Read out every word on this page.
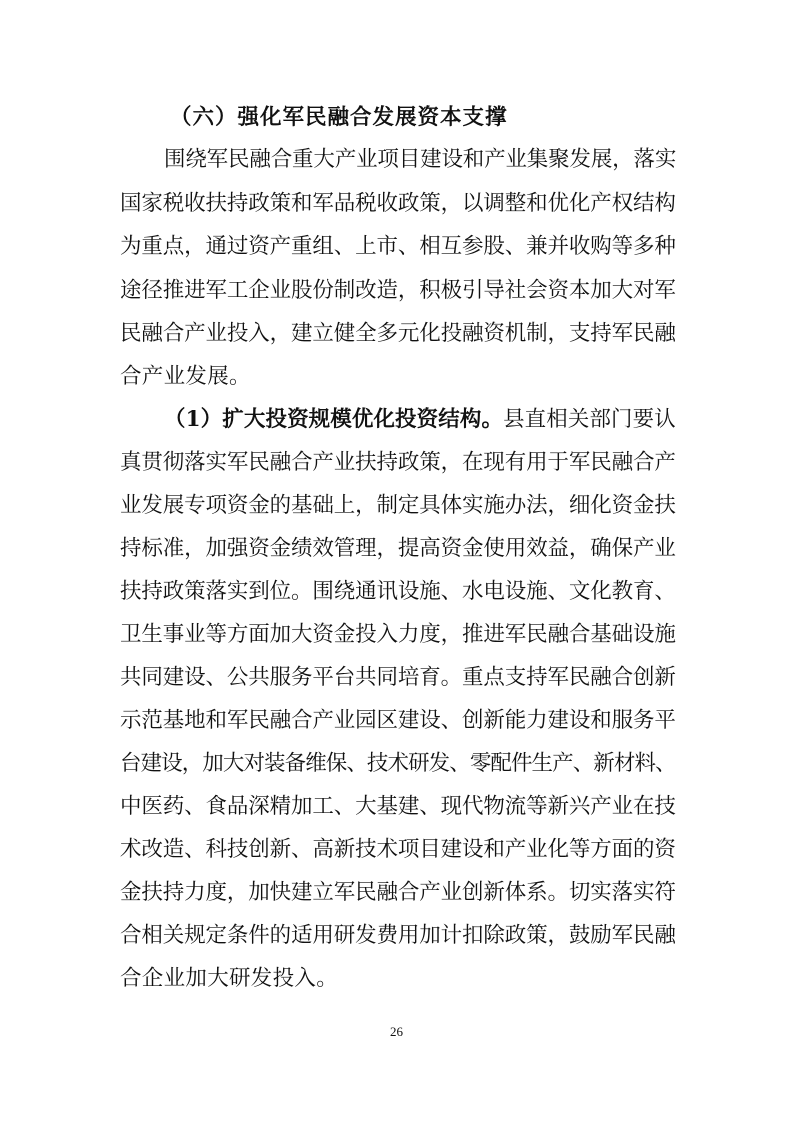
（六）强化军民融合发展资本支撑
围绕军民融合重大产业项目建设和产业集聚发展，落实
国家税收扶持政策和军品税收政策，以调整和优化产权结构
为重点，通过资产重组、上市、相互参股、兼并收购等多种
途径推进军工企业股份制改造，积极引导社会资本加大对军
民融合产业投入，建立健全多元化投融资机制，支持军民融
合产业发展。
（1）扩大投资规模优化投资结构。县直相关部门要认
真贯彻落实军民融合产业扶持政策，在现有用于军民融合产
业发展专项资金的基础上，制定具体实施办法，细化资金扶
持标准，加强资金绩效管理，提高资金使用效益，确保产业
扶持政策落实到位。围绕通讯设施、水电设施、文化教育、
卫生事业等方面加大资金投入力度，推进军民融合基础设施
共同建设、公共服务平台共同培育。重点支持军民融合创新
示范基地和军民融合产业园区建设、创新能力建设和服务平
台建设，加大对装备维保、技术研发、零配件生产、新材料、
中医药、食品深精加工、大基建、现代物流等新兴产业在技
术改造、科技创新、高新技术项目建设和产业化等方面的资
金扶持力度，加快建立军民融合产业创新体系。切实落实符
合相关规定条件的适用研发费用加计扣除政策，鼓励军民融
合企业加大研发投入。
26
